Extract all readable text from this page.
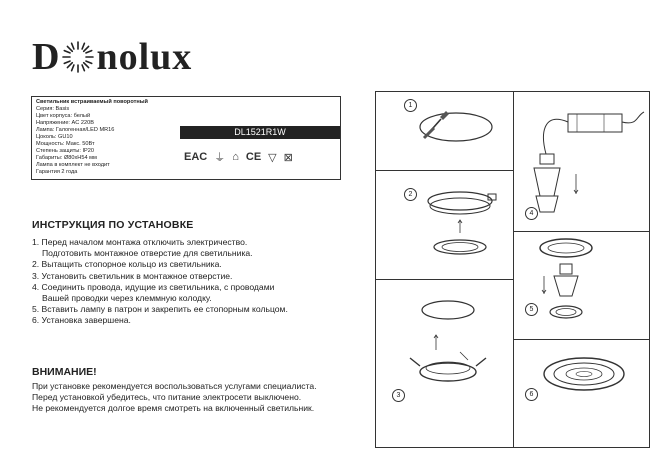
D nolux
Светильник встраиваемый поворотный
Серия: Basis
Цвет корпуса: белый
Напряжение: AC 220В
Лампа: Галогенная/LED MR16
Цоколь: GU10
Мощность: Макс. 50Вт
Степень защиты: IP20
Габариты: Ø80xH54 мм
Лампа в комплект не входит
Гарантия 2 года
DL1521R1W
EAC ⏚ ⌂ CE ▽ ⊠
ИНСТРУКЦИЯ ПО УСТАНОВКЕ
1. Перед началом монтажа отключить электричество.
Подготовить монтажное отверстие для светильника.
2. Вытащить стопорное кольцо из светильника.
3. Установить светильник в монтажное отверстие.
4. Соединить провода, идущие из светильника, с проводами
Вашей проводки через клеммную колодку.
5. Вставить лампу в патрон и закрепить ее стопорным кольцом.
6. Установка завершена.
ВНИМАНИЕ!
При установке рекомендуется воспользоваться услугами специалиста.
Перед установкой убедитесь, что питание электросети выключено.
Не рекомендуется долгое время смотреть на включенный светильник.
1
2
3
4
5
6
